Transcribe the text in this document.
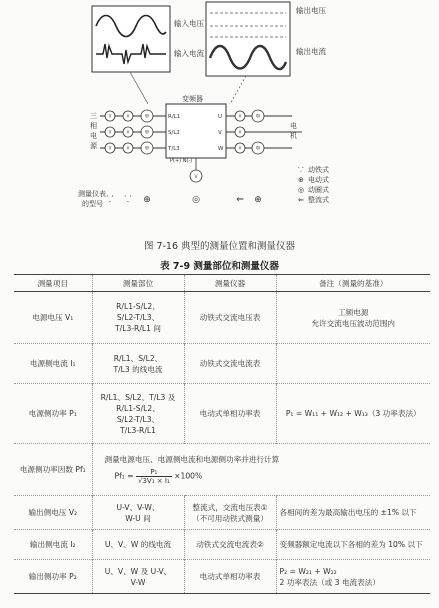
输入电压
输入电流
输出电压
输出电流
变频器
R/L1
S/L2
T/L3
U
V
W
P(+) N(-)
三
相
电
源
V
V
V
A
A
A
W
W
W
A
A
A
W
W
电
机
V
测量仪表
的型号 ⸪ ⸪ ⊕	◎	⇐ ⊕
⸪ 动铁式
⊕ 电动式
◎ 动圈式
⇐ 整流式
图 7-16 典型的测量位置和测量仪器
表 7-9 测量部位和测量仪器
测量项目	测量部位	测量仪器	备注（测量的基准）
电源电压 V₁	R/L1-S/L2、
S/L2-T/L3、
T/L3-R/L1 间	动铁式交流电压表	工频电源
允许交流电压波动范围内

电源侧电流 I₁	R/L1、S/L2、
T/L3 的线电流	动铁式交流电流表	
电源侧功率 P₁	R/L1、S/L2、T/L3 及
R/L1-S/L2、
S/L2-T/L3、
T/L3-R/L1	电动式单相功率表	P₁ = W₁₁ + W₁₂ + W₁₃（3 功率表法）
电源侧功率因数 Pf₁	测量电源电压、电源侧电流和电源侧功率并进行计算
$Pf_1 = \frac{\text{P₁}}{\text{√3V₁ × I₁}} \times 100\%$		

输出侧电压 V₂	U-V、V-W、
W-U 间	整流式，交流电压表①
（不可用动铁式测量）	各相间的差为最高输出电压的 ±1% 以下
输出侧电流 I₂	U、V、W 的线电流	动铁式交流电流表②	变频器额定电流以下各相的差为 10% 以下
输出侧功率 P₂	U、V、W 及 U-V、
V-W	电动式单相功率表	P₂ = W₂₁ + W₂₂
2 功率表法（或 3 电流表法）
